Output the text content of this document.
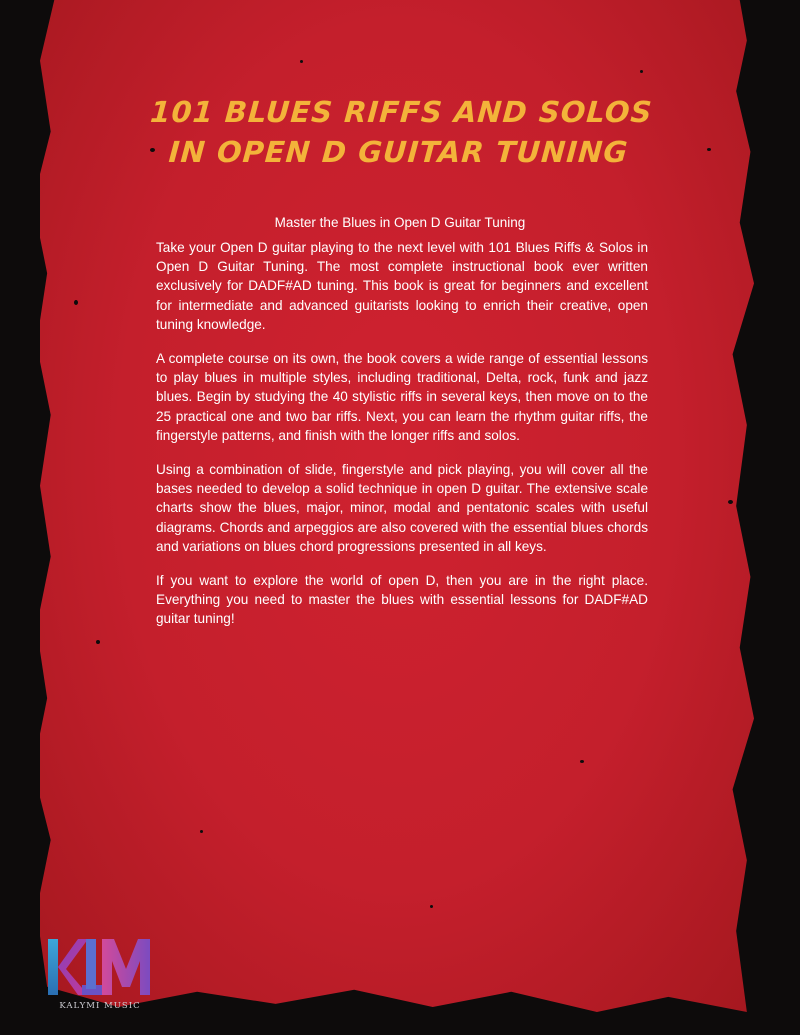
101 BLUES RIFFS AND SOLOS
IN OPEN D GUITAR TUNING
Master the Blues in Open D Guitar Tuning

Take your Open D guitar playing to the next level with 101 Blues Riffs & Solos in Open D Guitar Tuning. The most complete instructional book ever written exclusively for DADF#AD tuning. This book is great for beginners and excellent for intermediate and advanced guitarists looking to enrich their creative, open tuning knowledge.

A complete course on its own, the book covers a wide range of essential lessons to play blues in multiple styles, including traditional, Delta, rock, funk and jazz blues. Begin by studying the 40 stylistic riffs in several keys, then move on to the 25 practical one and two bar riffs. Next, you can learn the rhythm guitar riffs, the fingerstyle patterns, and finish with the longer riffs and solos.

Using a combination of slide, fingerstyle and pick playing, you will cover all the bases needed to develop a solid technique in open D guitar. The extensive scale charts show the blues, major, minor, modal and pentatonic scales with useful diagrams. Chords and arpeggios are also covered with the essential blues chords and variations on blues chord progressions presented in all keys.

If you want to explore the world of open D, then you are in the right place. Everything you need to master the blues with essential lessons for DADF#AD guitar tuning!

KALYMI MUSIC
